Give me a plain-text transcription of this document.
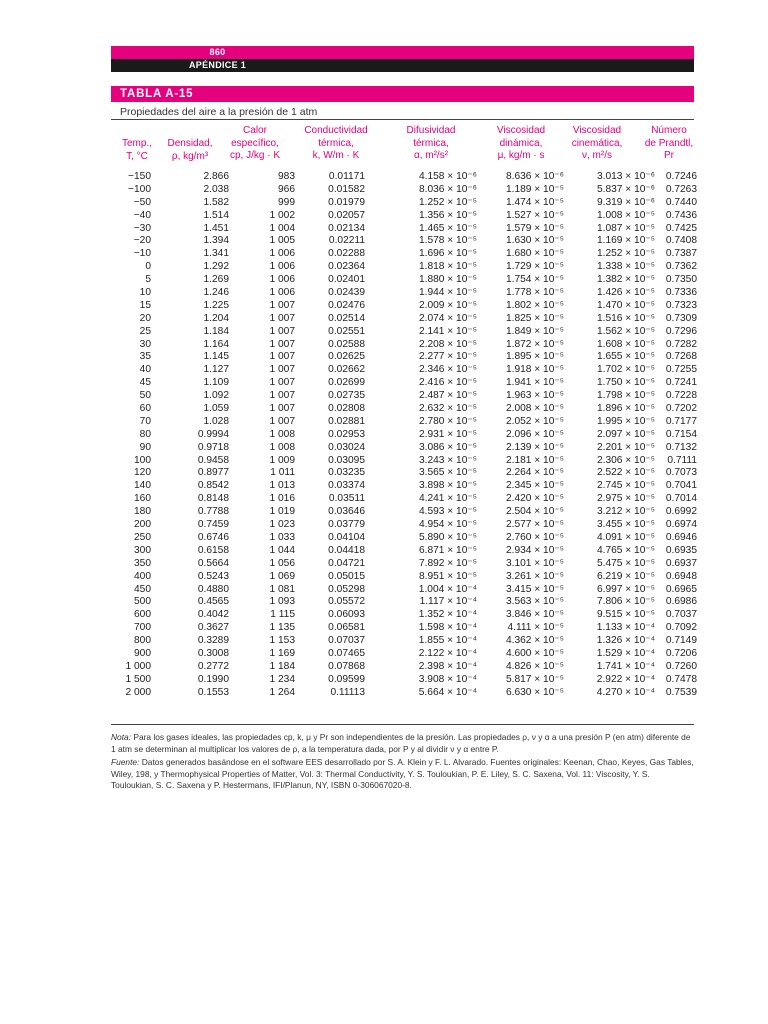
860
APÉNDICE 1
TABLA A-15
Propiedades del aire a la presión de 1 atm
Temp.,
T, °C
Densidad,
ρ, kg/m³
Calor
específico,
cp, J/kg · K
Conductividad
térmica,
k, W/m · K
Difusividad
térmica,
α, m²/s²
Viscosidad
dinámica,
μ, kg/m · s
Viscosidad
cinemática,
ν, m²/s
Número
de Prandtl,
Pr
−150	2.866	983	0.01171	4.158 × 10⁻⁶	8.636 × 10⁻⁶	3.013 × 10⁻⁶	0.7246
−100	2.038	966	0.01582	8.036 × 10⁻⁶	1.189 × 10⁻⁵	5.837 × 10⁻⁶	0.7263
−50	1.582	999	0.01979	1.252 × 10⁻⁵	1.474 × 10⁻⁵	9.319 × 10⁻⁶	0.7440
−40	1.514	1 002	0.02057	1.356 × 10⁻⁵	1.527 × 10⁻⁵	1.008 × 10⁻⁵	0.7436
−30	1.451	1 004	0.02134	1.465 × 10⁻⁵	1.579 × 10⁻⁵	1.087 × 10⁻⁵	0.7425
−20	1.394	1 005	0.02211	1.578 × 10⁻⁵	1.630 × 10⁻⁵	1.169 × 10⁻⁵	0.7408
−10	1.341	1 006	0.02288	1.696 × 10⁻⁵	1.680 × 10⁻⁵	1.252 × 10⁻⁵	0.7387
0	1.292	1 006	0.02364	1.818 × 10⁻⁵	1.729 × 10⁻⁵	1.338 × 10⁻⁵	0.7362
5	1.269	1 006	0.02401	1.880 × 10⁻⁵	1.754 × 10⁻⁵	1.382 × 10⁻⁵	0.7350
10	1.246	1 006	0.02439	1.944 × 10⁻⁵	1.778 × 10⁻⁵	1.426 × 10⁻⁵	0.7336
15	1.225	1 007	0.02476	2.009 × 10⁻⁵	1.802 × 10⁻⁵	1.470 × 10⁻⁵	0.7323
20	1.204	1 007	0.02514	2.074 × 10⁻⁵	1.825 × 10⁻⁵	1.516 × 10⁻⁵	0.7309
25	1.184	1 007	0.02551	2.141 × 10⁻⁵	1.849 × 10⁻⁵	1.562 × 10⁻⁵	0.7296
30	1.164	1 007	0.02588	2.208 × 10⁻⁵	1.872 × 10⁻⁵	1.608 × 10⁻⁵	0.7282
35	1.145	1 007	0.02625	2.277 × 10⁻⁵	1.895 × 10⁻⁵	1.655 × 10⁻⁵	0.7268
40	1.127	1 007	0.02662	2.346 × 10⁻⁵	1.918 × 10⁻⁵	1.702 × 10⁻⁵	0.7255
45	1.109	1 007	0.02699	2.416 × 10⁻⁵	1.941 × 10⁻⁵	1.750 × 10⁻⁵	0.7241
50	1.092	1 007	0.02735	2.487 × 10⁻⁵	1.963 × 10⁻⁵	1.798 × 10⁻⁵	0.7228
60	1.059	1 007	0.02808	2.632 × 10⁻⁵	2.008 × 10⁻⁵	1.896 × 10⁻⁵	0.7202
70	1.028	1 007	0.02881	2.780 × 10⁻⁵	2.052 × 10⁻⁵	1.995 × 10⁻⁵	0.7177
80	0.9994	1 008	0.02953	2.931 × 10⁻⁵	2.096 × 10⁻⁵	2.097 × 10⁻⁵	0.7154
90	0.9718	1 008	0.03024	3.086 × 10⁻⁵	2.139 × 10⁻⁵	2.201 × 10⁻⁵	0.7132
100	0.9458	1 009	0.03095	3.243 × 10⁻⁵	2.181 × 10⁻⁵	2.306 × 10⁻⁵	0.7111
120	0.8977	1 011	0.03235	3.565 × 10⁻⁵	2.264 × 10⁻⁵	2.522 × 10⁻⁵	0.7073
140	0.8542	1 013	0.03374	3.898 × 10⁻⁵	2.345 × 10⁻⁵	2.745 × 10⁻⁵	0.7041
160	0.8148	1 016	0.03511	4.241 × 10⁻⁵	2.420 × 10⁻⁵	2.975 × 10⁻⁵	0.7014
180	0.7788	1 019	0.03646	4.593 × 10⁻⁵	2.504 × 10⁻⁵	3.212 × 10⁻⁵	0.6992
200	0.7459	1 023	0.03779	4.954 × 10⁻⁵	2.577 × 10⁻⁵	3.455 × 10⁻⁵	0.6974
250	0.6746	1 033	0.04104	5.890 × 10⁻⁵	2.760 × 10⁻⁵	4.091 × 10⁻⁵	0.6946
300	0.6158	1 044	0.04418	6.871 × 10⁻⁵	2.934 × 10⁻⁵	4.765 × 10⁻⁵	0.6935
350	0.5664	1 056	0.04721	7.892 × 10⁻⁵	3.101 × 10⁻⁵	5.475 × 10⁻⁵	0.6937
400	0.5243	1 069	0.05015	8.951 × 10⁻⁵	3.261 × 10⁻⁵	6.219 × 10⁻⁵	0.6948
450	0.4880	1 081	0.05298	1.004 × 10⁻⁴	3.415 × 10⁻⁵	6.997 × 10⁻⁵	0.6965
500	0.4565	1 093	0.05572	1.117 × 10⁻⁴	3.563 × 10⁻⁵	7.806 × 10⁻⁵	0.6986
600	0.4042	1 115	0.06093	1.352 × 10⁻⁴	3.846 × 10⁻⁵	9.515 × 10⁻⁵	0.7037
700	0.3627	1 135	0.06581	1.598 × 10⁻⁴	4.111 × 10⁻⁵	1.133 × 10⁻⁴	0.7092
800	0.3289	1 153	0.07037	1.855 × 10⁻⁴	4.362 × 10⁻⁵	1.326 × 10⁻⁴	0.7149
900	0.3008	1 169	0.07465	2.122 × 10⁻⁴	4.600 × 10⁻⁵	1.529 × 10⁻⁴	0.7206
1 000	0.2772	1 184	0.07868	2.398 × 10⁻⁴	4.826 × 10⁻⁵	1.741 × 10⁻⁴	0.7260
1 500	0.1990	1 234	0.09599	3.908 × 10⁻⁴	5.817 × 10⁻⁵	2.922 × 10⁻⁴	0.7478
2 000	0.1553	1 264	0.11113	5.664 × 10⁻⁴	6.630 × 10⁻⁵	4.270 × 10⁻⁴	0.7539
Nota: Para los gases ideales, las propiedades cp, k, μ y Pr son independientes de la presión. Las propiedades ρ, ν y α a una presión P (en atm) diferente de 1 atm se determinan al multiplicar los valores de ρ, a la temperatura dada, por P y al dividir ν y α entre P.
Fuente: Datos generados basándose en el software EES desarrollado por S. A. Klein y F. L. Alvarado. Fuentes originales: Keenan, Chao, Keyes, Gas Tables, Wiley, 198, y Thermophysical Properties of Matter, Vol. 3: Thermal Conductivity, Y. S. Touloukian, P. E. Liley, S. C. Saxena, Vol. 11: Viscosity, Y. S. Touloukian, S. C. Saxena y P. Hestermans, IFI/Planun, NY, ISBN 0-306067020-8.
